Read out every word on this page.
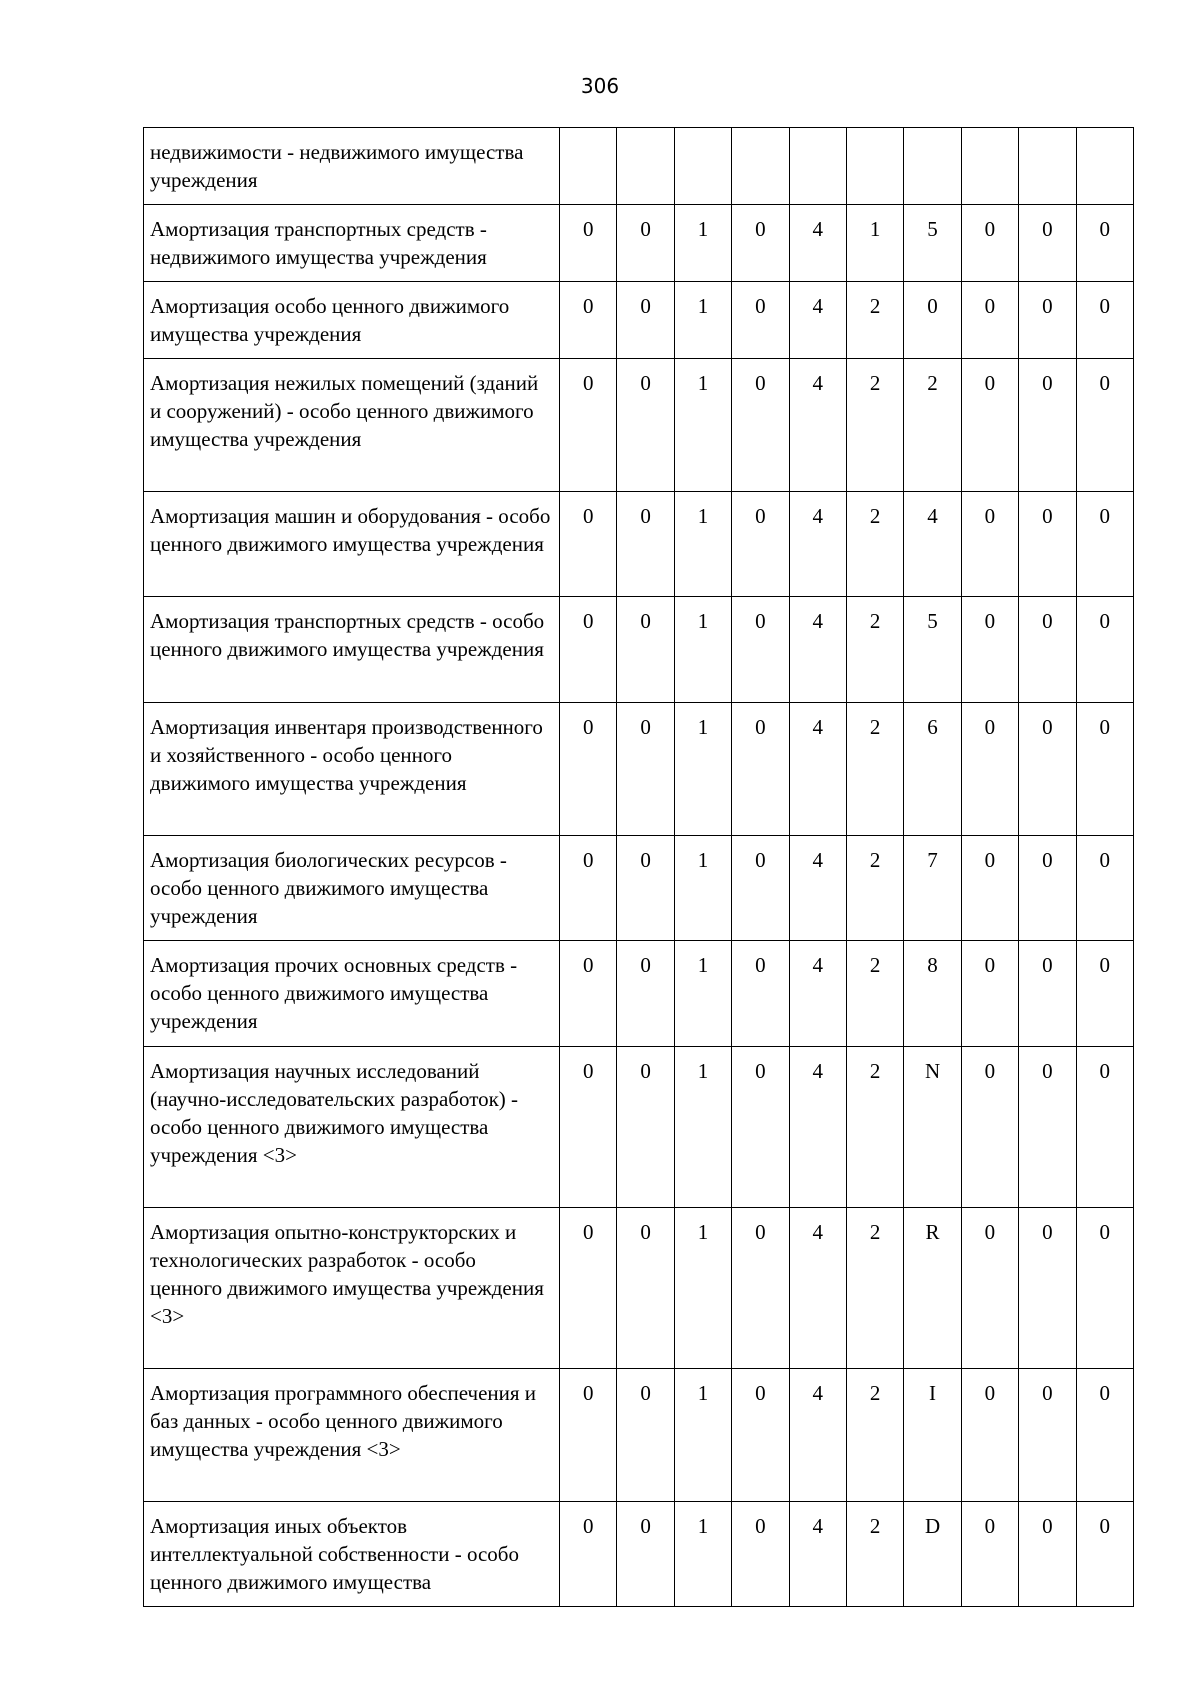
306
недвижимости - недвижимого имущества учреждения										
Амортизация транспортных средств - недвижимого имущества учреждения	0	0	1	0	4	1	5	0	0	0
Амортизация особо ценного движимого имущества учреждения	0	0	1	0	4	2	0	0	0	0
Амортизация нежилых помещений (зданий и сооружений) - особо ценного движимого имущества учреждения	0	0	1	0	4	2	2	0	0	0
Амортизация машин и оборудования - особо ценного движимого имущества учреждения	0	0	1	0	4	2	4	0	0	0
Амортизация транспортных средств - особо ценного движимого имущества учреждения	0	0	1	0	4	2	5	0	0	0
Амортизация инвентаря производственного и хозяйственного - особо ценного движимого имущества учреждения	0	0	1	0	4	2	6	0	0	0
Амортизация биологических ресурсов - особо ценного движимого имущества учреждения	0	0	1	0	4	2	7	0	0	0
Амортизация прочих основных средств - особо ценного движимого имущества учреждения	0	0	1	0	4	2	8	0	0	0
Амортизация научных исследований (научно-исследовательских разработок) - особо ценного движимого имущества учреждения <3>	0	0	1	0	4	2	N	0	0	0
Амортизация опытно-конструкторских и технологических разработок - особо ценного движимого имущества учреждения <3>	0	0	1	0	4	2	R	0	0	0
Амортизация программного обеспечения и баз данных - особо ценного движимого имущества учреждения <3>	0	0	1	0	4	2	I	0	0	0
Амортизация иных объектов интеллектуальной собственности - особо ценного движимого имущества	0	0	1	0	4	2	D	0	0	0
